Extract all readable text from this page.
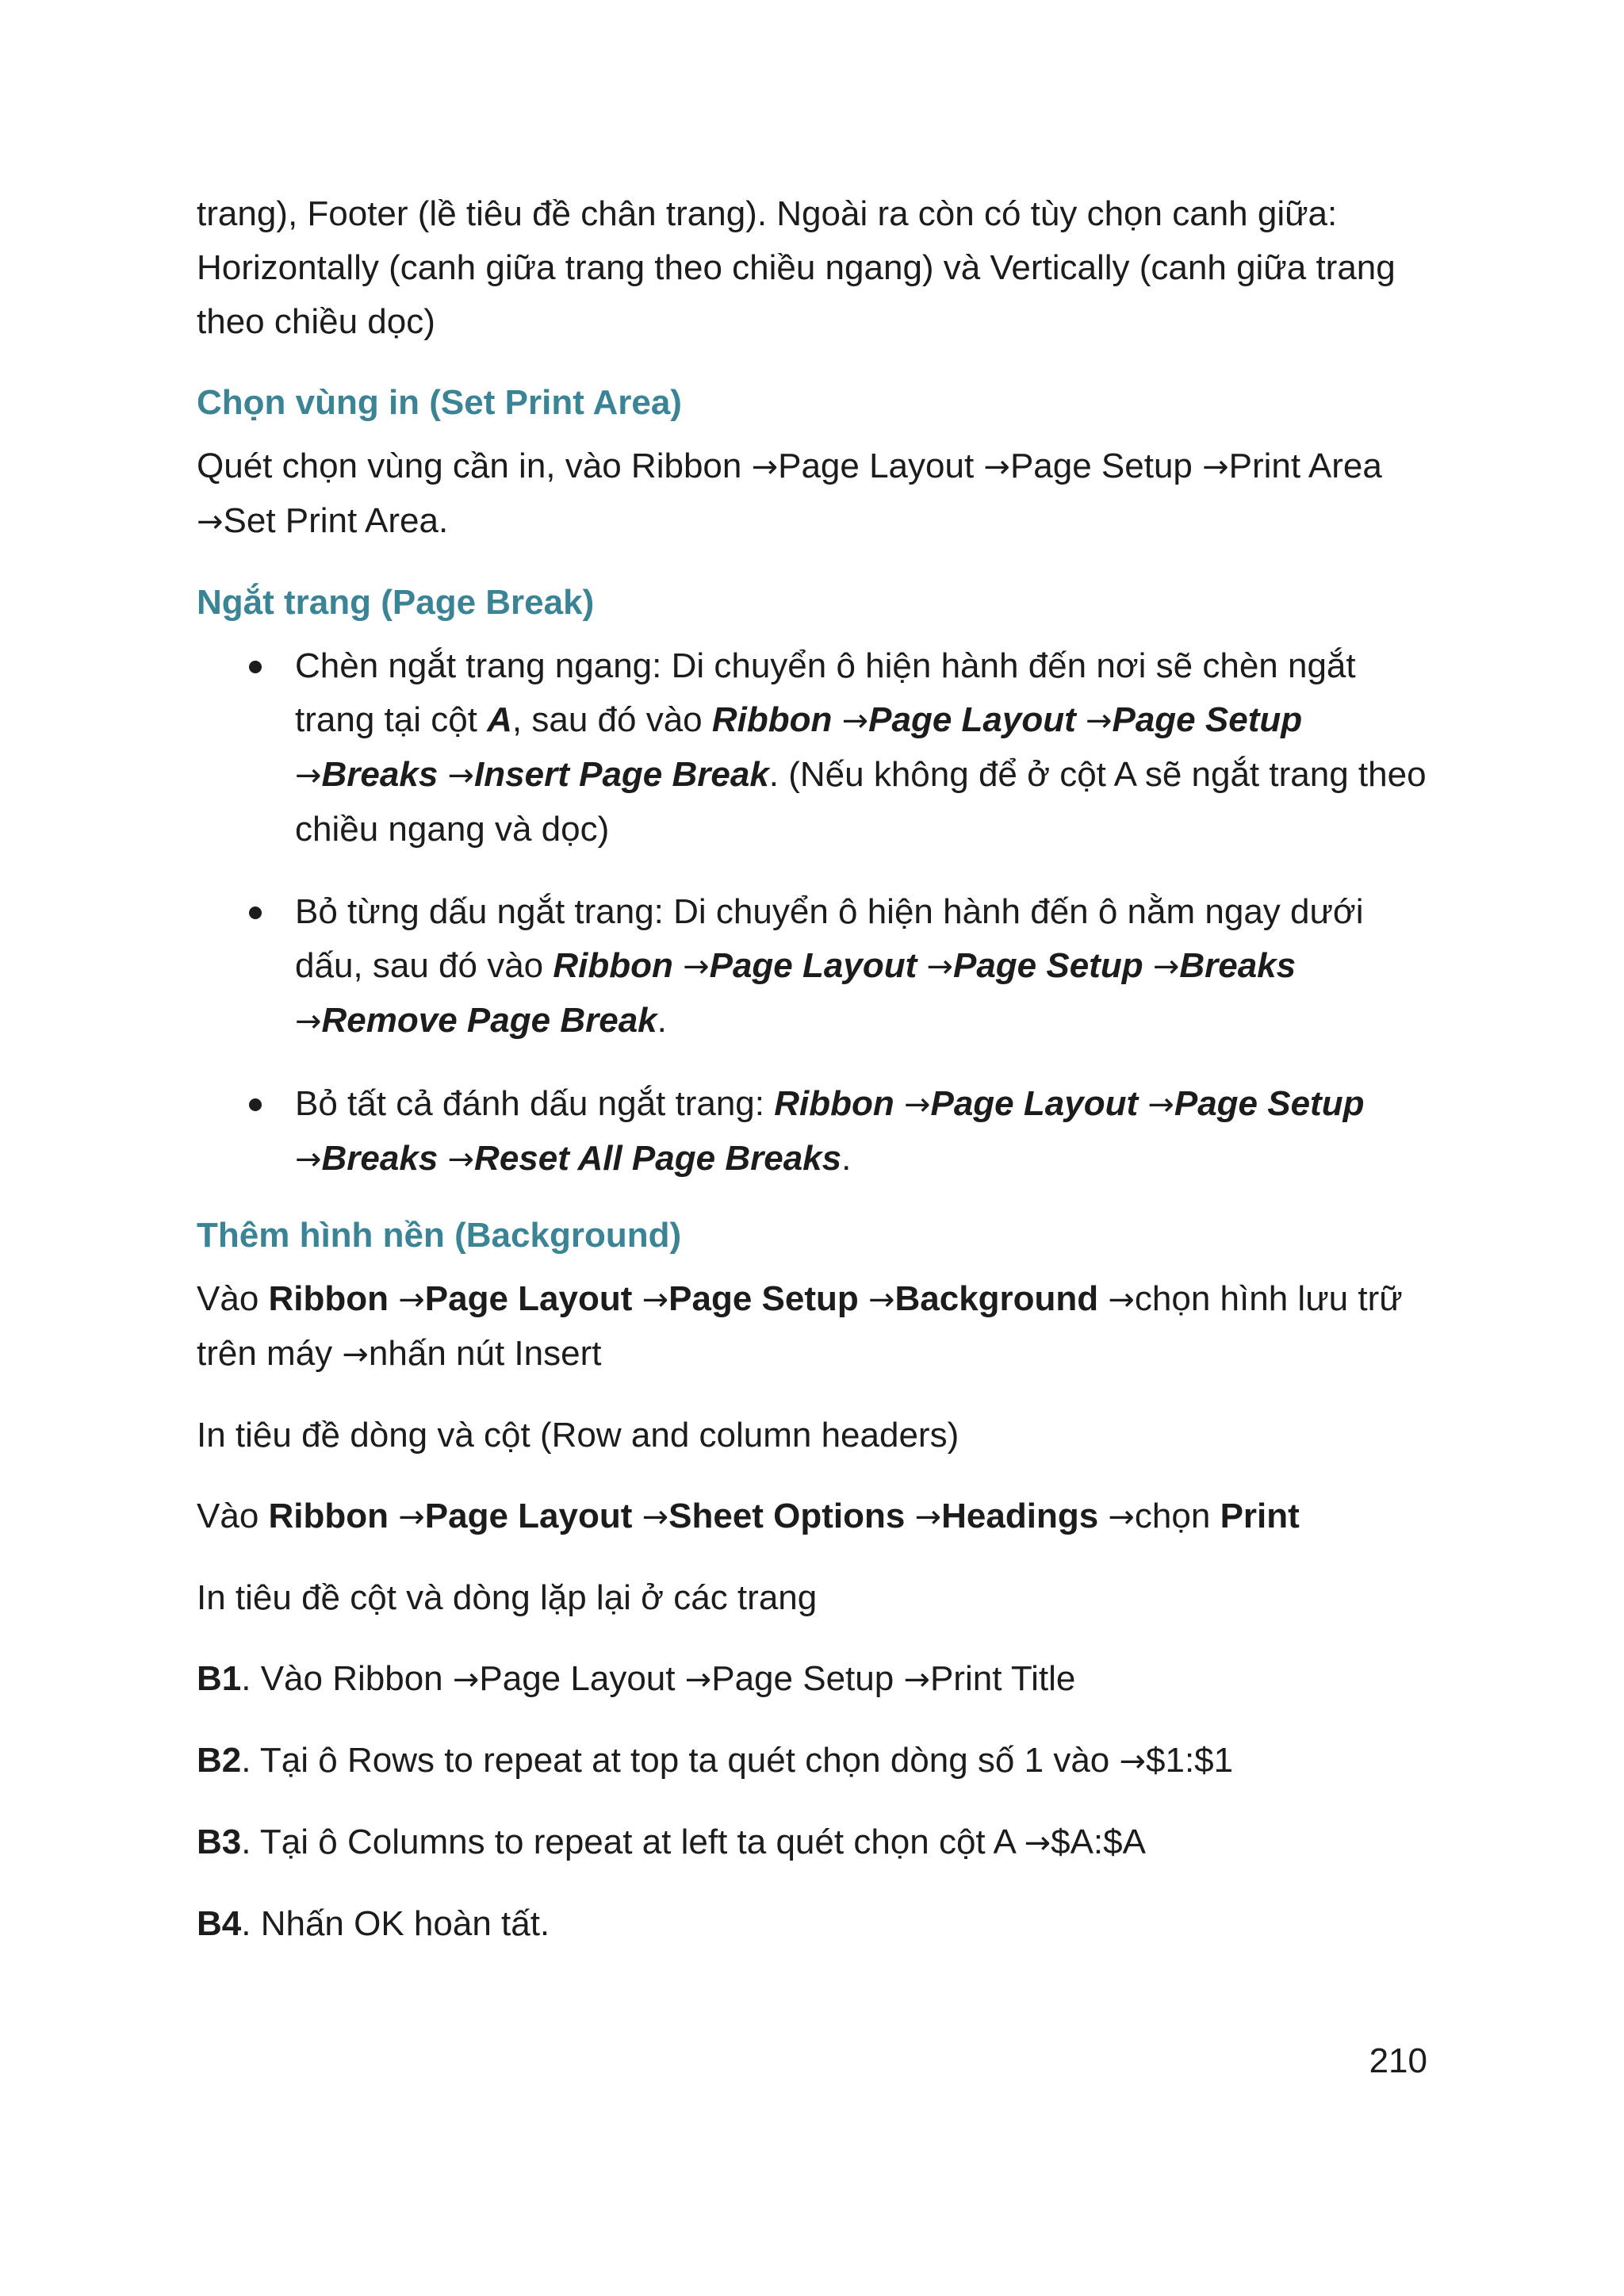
trang), Footer (lề tiêu đề chân trang). Ngoài ra còn có tùy chọn canh giữa: Horizontally (canh giữa trang theo chiều ngang) và Vertically (canh giữa trang theo chiều dọc)

Chọn vùng in (Set Print Area)

Quét chọn vùng cần in, vào Ribbon →Page Layout →Page Setup →Print Area
→Set Print Area.

Ngắt trang (Page Break)
Chèn ngắt trang ngang: Di chuyển ô hiện hành đến nơi sẽ chèn ngắt trang tại cột A, sau đó vào Ribbon →Page Layout →Page Setup
→Breaks →Insert Page Break. (Nếu không để ở cột A sẽ ngắt trang theo chiều ngang và dọc)
Bỏ từng dấu ngắt trang: Di chuyển ô hiện hành đến ô nằm ngay dưới dấu, sau đó vào Ribbon →Page Layout →Page Setup →Breaks
→Remove Page Break.
Bỏ tất cả đánh dấu ngắt trang: Ribbon →Page Layout →Page Setup
→Breaks →Reset All Page Breaks.
Thêm hình nền (Background)

Vào Ribbon →Page Layout →Page Setup →Background →chọn hình lưu trữ trên máy →nhấn nút Insert

In tiêu đề dòng và cột (Row and column headers)

Vào Ribbon →Page Layout →Sheet Options →Headings →chọn Print

In tiêu đề cột và dòng lặp lại ở các trang

B1. Vào Ribbon →Page Layout →Page Setup →Print Title

B2. Tại ô Rows to repeat at top ta quét chọn dòng số 1 vào →$1:$1

B3. Tại ô Columns to repeat at left ta quét chọn cột A →$A:$A

B4. Nhấn OK hoàn tất.

210
